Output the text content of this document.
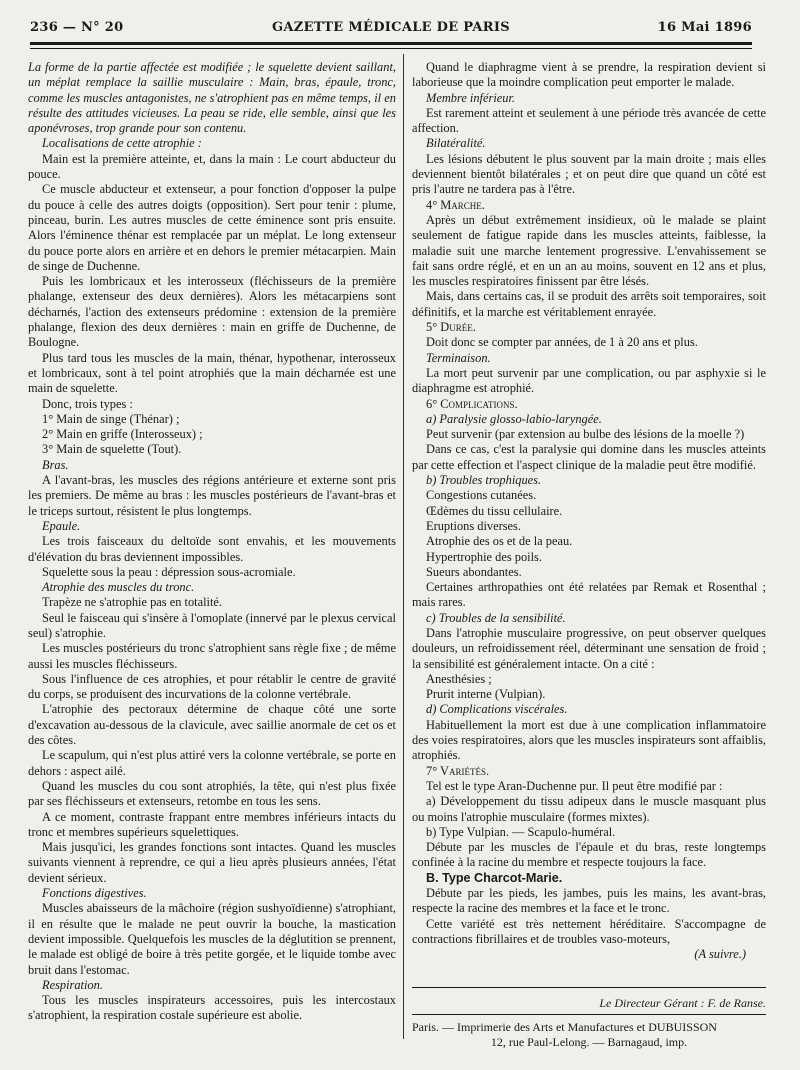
236 — N° 20	GAZETTE MÉDICALE DE PARIS	16 Mai 1896

La forme de la partie affectée est modifiée ; le squelette devient saillant, un méplat remplace la saillie musculaire : Main, bras, épaule, tronc, comme les muscles antagonistes, ne s'atrophient pas en même temps, il en résulte des attitudes vicieuses. La peau se ride, elle semble, ainsi que les aponévroses, trop grande pour son contenu.

Localisations de cette atrophie :

Main est la première atteinte, et, dans la main : Le court abducteur du pouce.

Ce muscle abducteur et extenseur, a pour fonction d'opposer la pulpe du pouce à celle des autres doigts (opposition). Sert pour tenir : plume, pinceau, burin. Les autres muscles de cette éminence sont pris ensuite. Alors l'éminence thénar est remplacée par un méplat. Le long extenseur du pouce porte alors en arrière et en dehors le premier métacarpien. Main de singe de Duchenne.

Puis les lombricaux et les interosseux (fléchisseurs de la première phalange, extenseur des deux dernières). Alors les métacarpiens sont décharnés, l'action des extenseurs prédomine : extension de la première phalange, flexion des deux dernières : main en griffe de Duchenne, de Boulogne.

Plus tard tous les muscles de la main, thénar, hypothenar, interosseux et lombricaux, sont à tel point atrophiés que la main décharnée est une main de squelette.

Donc, trois types :

1° Main de singe (Thénar) ;

2° Main en griffe (Interosseux) ;

3° Main de squelette (Tout).

Bras.

A l'avant-bras, les muscles des régions antérieure et externe sont pris les premiers. De même au bras : les muscles postérieurs de l'avant-bras et le triceps surtout, résistent le plus longtemps.

Epaule.

Les trois faisceaux du deltoïde sont envahis, et les mouvements d'élévation du bras deviennent impossibles.

Squelette sous la peau : dépression sous-acromiale.

Atrophie des muscles du tronc.

Trapèze ne s'atrophie pas en totalité.

Seul le faisceau qui s'insère à l'omoplate (innervé par le plexus cervical seul) s'atrophie.

Les muscles postérieurs du tronc s'atrophient sans règle fixe ; de même aussi les muscles fléchisseurs.

Sous l'influence de ces atrophies, et pour rétablir le centre de gravité du corps, se produisent des incurvations de la colonne vertébrale.

L'atrophie des pectoraux détermine de chaque côté une sorte d'excavation au-dessous de la clavicule, avec saillie anormale de cet os et des côtes.

Le scapulum, qui n'est plus attiré vers la colonne vertébrale, se porte en dehors : aspect ailé.

Quand les muscles du cou sont atrophiés, la tête, qui n'est plus fixée par ses fléchisseurs et extenseurs, retombe en tous les sens.

A ce moment, contraste frappant entre membres inférieurs intacts du tronc et membres supérieurs squelettiques.

Mais jusqu'ici, les grandes fonctions sont intactes. Quand les muscles suivants viennent à reprendre, ce qui a lieu après plusieurs années, l'état devient sérieux.

Fonctions digestives.

Muscles abaisseurs de la mâchoire (région sushyoïdienne) s'atrophiant, il en résulte que le malade ne peut ouvrir la bouche, la mastication devient impossible. Quelquefois les muscles de la déglutition se prennent, le malade est obligé de boire à très petite gorgée, et le liquide tombe avec bruit dans l'estomac.

Respiration.

Tous les muscles inspirateurs accessoires, puis les intercostaux s'atrophient, la respiration costale supérieure est abolie.

Quand le diaphragme vient à se prendre, la respiration devient si laborieuse que la moindre complication peut emporter le malade.

Membre inférieur.

Est rarement atteint et seulement à une période très avancée de cette affection.

Bilatéralité.

Les lésions débutent le plus souvent par la main droite ; mais elles deviennent bientôt bilatérales ; et on peut dire que quand un côté est pris l'autre ne tardera pas à l'être.

4° Marche.

Après un début extrêmement insidieux, où le malade se plaint seulement de fatigue rapide dans les muscles atteints, faiblesse, la maladie suit une marche lentement progressive. L'envahissement se fait sans ordre réglé, et en un an au moins, souvent en 12 ans et plus, les muscles respiratoires finissent par être lésés.

Mais, dans certains cas, il se produit des arrêts soit temporaires, soit définitifs, et la marche est véritablement enrayée.

5° Durée.

Doit donc se compter par années, de 1 à 20 ans et plus.

Terminaison.

La mort peut survenir par une complication, ou par asphyxie si le diaphragme est atrophié.

6° Complications.

a) Paralysie glosso-labio-laryngée.

Peut survenir (par extension au bulbe des lésions de la moelle ?)

Dans ce cas, c'est la paralysie qui domine dans les muscles atteints par cette effection et l'aspect clinique de la maladie peut être modifié.

b) Troubles trophiques.

Congestions cutanées.

Œdèmes du tissu cellulaire.

Eruptions diverses.

Atrophie des os et de la peau.

Hypertrophie des poils.

Sueurs abondantes.

Certaines arthropathies ont été relatées par Remak et Rosenthal ; mais rares.

c) Troubles de la sensibilité.

Dans l'atrophie musculaire progressive, on peut observer quelques douleurs, un refroidissement réel, déterminant une sensation de froid ; la sensibilité est généralement intacte. On a cité :

Anesthésies ;

Prurit interne (Vulpian).

d) Complications viscérales.

Habituellement la mort est due à une complication inflammatoire des voies respiratoires, alors que les muscles inspirateurs sont affaiblis, atrophiés.

7° Variétés.

Tel est le type Aran-Duchenne pur. Il peut être modifié par :

a) Développement du tissu adipeux dans le muscle masquant plus ou moins l'atrophie musculaire (formes mixtes).

b) Type Vulpian. — Scapulo-huméral.

Débute par les muscles de l'épaule et du bras, reste longtemps confinée à la racine du membre et respecte toujours la face.

B. Type Charcot-Marie.

Débute par les pieds, les jambes, puis les mains, les avant-bras, respecte la racine des membres et la face et le tronc.

Cette variété est très nettement héréditaire. S'accompagne de contractions fibrillaires et de troubles vaso-moteurs,

(A suivre.)

Le Directeur Gérant : F. de Ranse.
Paris. — Imprimerie des Arts et Manufactures et DUBUISSON
12, rue Paul-Lelong. — Barnagaud, imp.
